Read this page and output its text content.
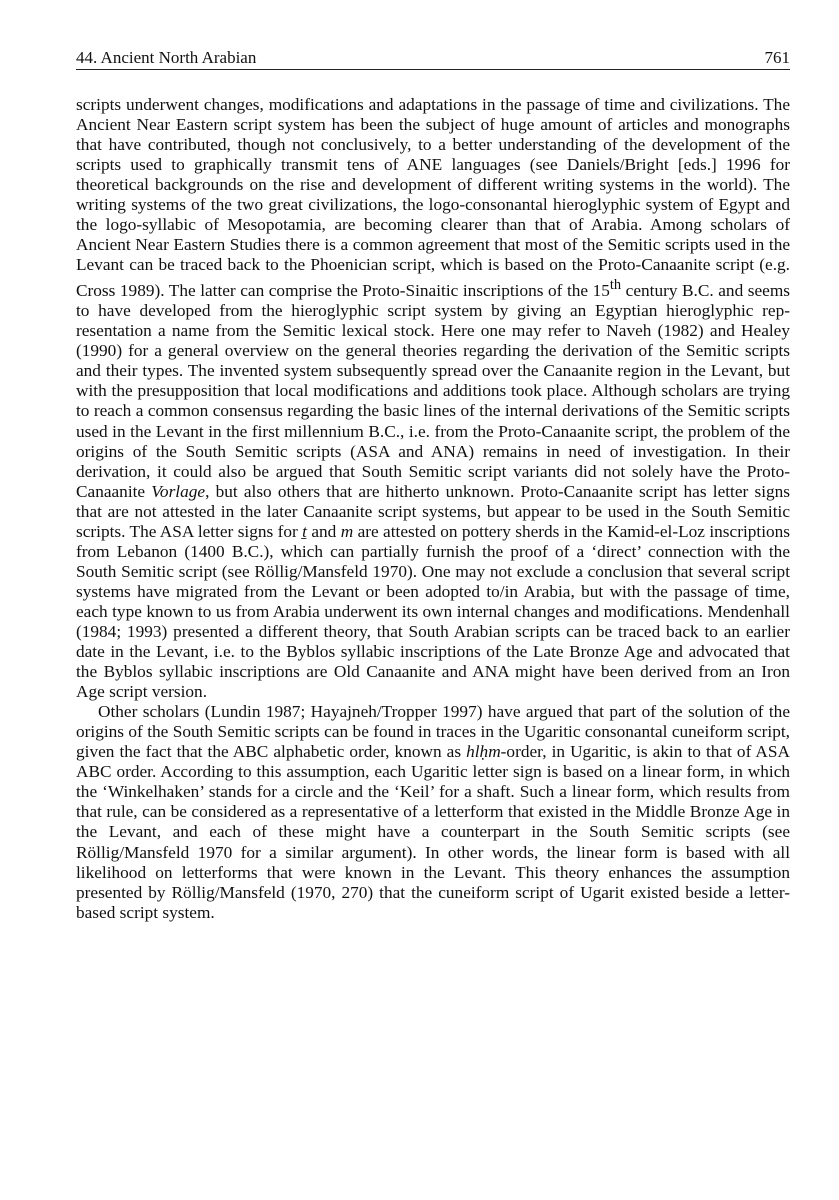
44. Ancient North Arabian	761

scripts underwent changes, modifications and adaptations in the passage of time and civilizations. The Ancient Near Eastern script system has been the subject of huge amount of articles and monographs that have contributed, though not conclusively, to a better understanding of the development of the scripts used to graphically transmit tens of ANE languages (see Daniels/Bright [eds.] 1996 for theoretical backgrounds on the rise and development of different writing systems in the world). The writing systems of the two great civilizations, the logo-consonantal hieroglyphic system of Egypt and the logo-syllabic of Mesopotamia, are becoming clearer than that of Arabia. Among scholars of Ancient Near Eastern Studies there is a common agreement that most of the Semitic scripts used in the Levant can be traced back to the Phoenician script, which is based on the Proto-Canaanite script (e.g. Cross 1989). The latter can comprise the Proto-Sinaitic inscriptions of the 15th century B.C. and seems to have developed from the hieroglyphic script system by giving an Egyptian hieroglyphic representation a name from the Semitic lexical stock. Here one may refer to Naveh (1982) and Healey (1990) for a general overview on the general theories regarding the derivation of the Semitic scripts and their types. The invented system subsequently spread over the Canaanite region in the Levant, but with the presupposition that local modifications and additions took place. Although scholars are trying to reach a common consensus regarding the basic lines of the internal derivations of the Semitic scripts used in the Levant in the first millennium B.C., i.e. from the Proto-Canaanite script, the problem of the origins of the South Semitic scripts (ASA and ANA) remains in need of investigation. In their derivation, it could also be argued that South Semitic script variants did not solely have the Proto-Canaanite Vorlage, but also others that are hitherto unknown. Proto-Canaanite script has letter signs that are not attested in the later Canaanite script systems, but appear to be used in the South Semitic scripts. The ASA letter signs for ṯ and m are attested on pottery sherds in the Kamid-el-Loz inscriptions from Lebanon (1400 B.C.), which can partially furnish the proof of a ‘direct’ connection with the South Semitic script (see Röllig/Mansfeld 1970). One may not exclude a conclusion that several script systems have migrated from the Levant or been adopted to/in Arabia, but with the passage of time, each type known to us from Arabia underwent its own internal changes and modifications. Mendenhall (1984; 1993) presented a different theory, that South Arabian scripts can be traced back to an earlier date in the Levant, i.e. to the Byblos syllabic inscriptions of the Late Bronze Age and advocated that the Byblos syllabic inscriptions are Old Canaanite and ANA might have been derived from an Iron Age script version.

Other scholars (Lundin 1987; Hayajneh/Tropper 1997) have argued that part of the solution of the origins of the South Semitic scripts can be found in traces in the Ugaritic consonantal cuneiform script, given the fact that the ABC alphabetic order, known as hlḥm-order, in Ugaritic, is akin to that of ASA ABC order. According to this assumption, each Ugaritic letter sign is based on a linear form, in which the ‘Winkelhaken’ stands for a circle and the ‘Keil’ for a shaft. Such a linear form, which results from that rule, can be considered as a representative of a letterform that existed in the Middle Bronze Age in the Levant, and each of these might have a counterpart in the South Semitic scripts (see Röllig/Mansfeld 1970 for a similar argument). In other words, the linear form is based with all likelihood on letterforms that were known in the Levant. This theory enhances the assumption presented by Röllig/Mansfeld (1970, 270) that the cuneiform script of Ugarit existed beside a letter-based script system.
